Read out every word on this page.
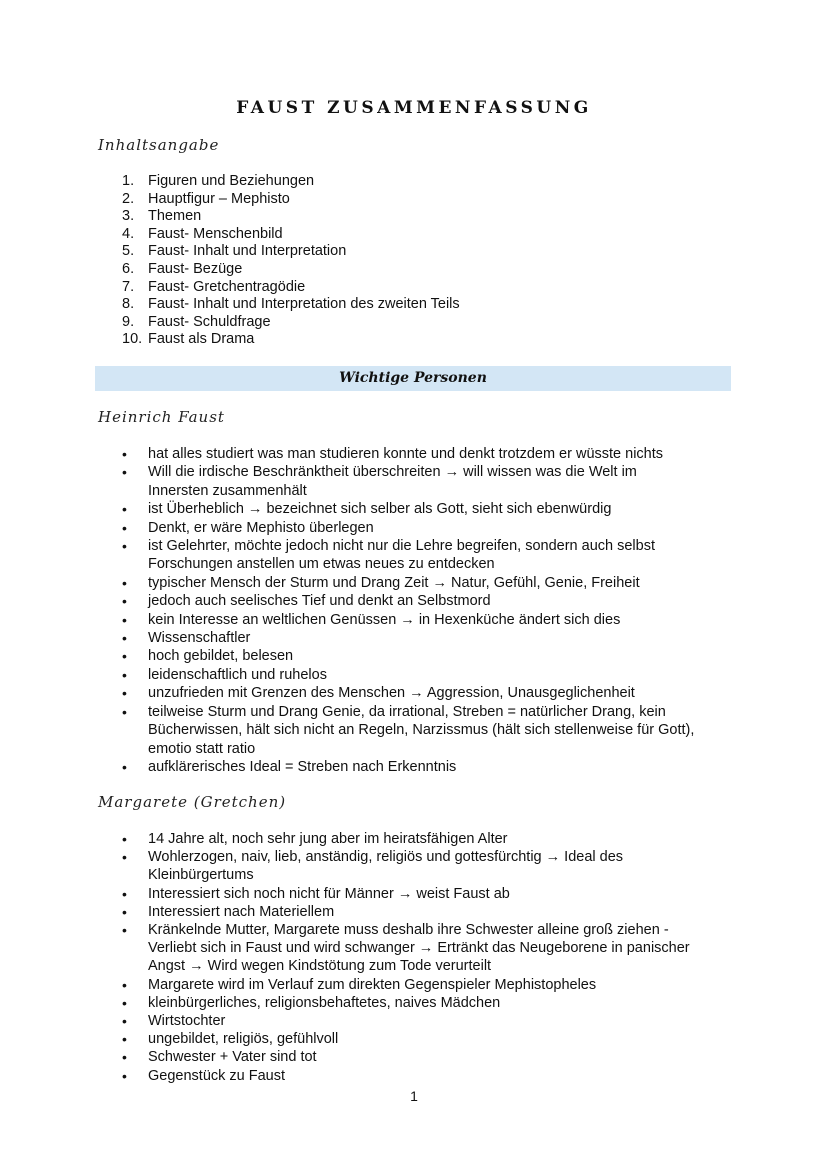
FAUST ZUSAMMENFASSUNG
Inhaltsangabe
1. Figuren und Beziehungen
2. Hauptfigur – Mephisto
3. Themen
4. Faust- Menschenbild
5. Faust- Inhalt und Interpretation
6. Faust- Bezüge
7. Faust- Gretchentragödie
8. Faust- Inhalt und Interpretation des zweiten Teils
9. Faust- Schuldfrage
10. Faust als Drama
Wichtige Personen
Heinrich Faust
•	hat alles studiert was man studieren konnte und denkt trotzdem er wüsste nichts
•	Will die irdische Beschränktheit überschreiten → will wissen was die Welt im
Innersten zusammenhält
•	ist Überheblich → bezeichnet sich selber als Gott, sieht sich ebenwürdig
•	Denkt, er wäre Mephisto überlegen
•	ist Gelehrter, möchte jedoch nicht nur die Lehre begreifen, sondern auch selbst
Forschungen anstellen um etwas neues zu entdecken
•	typischer Mensch der Sturm und Drang Zeit → Natur, Gefühl, Genie, Freiheit
•	jedoch auch seelisches Tief und denkt an Selbstmord
•	kein Interesse an weltlichen Genüssen → in Hexenküche ändert sich dies
•	Wissenschaftler
•	hoch gebildet, belesen
•	leidenschaftlich und ruhelos
•	unzufrieden mit Grenzen des Menschen → Aggression, Unausgeglichenheit
•	teilweise Sturm und Drang Genie, da irrational, Streben = natürlicher Drang, kein
Bücherwissen, hält sich nicht an Regeln, Narzissmus (hält sich stellenweise für Gott),
emotio statt ratio
•	aufklärerisches Ideal = Streben nach Erkenntnis
Margarete (Gretchen)
•	14 Jahre alt, noch sehr jung aber im heiratsfähigen Alter
•	Wohlerzogen, naiv, lieb, anständig, religiös und gottesfürchtig → Ideal des
Kleinbürgertums
•	Interessiert sich noch nicht für Männer → weist Faust ab
•	Interessiert nach Materiellem
•	Kränkelnde Mutter, Margarete muss deshalb ihre Schwester alleine groß ziehen -
Verliebt sich in Faust und wird schwanger → Ertränkt das Neugeborene in panischer
Angst → Wird wegen Kindstötung zum Tode verurteilt
•	Margarete wird im Verlauf zum direkten Gegenspieler Mephistopheles
•	kleinbürgerliches, religionsbehaftetes, naives Mädchen
•	Wirtstochter
•	ungebildet, religiös, gefühlvoll
•	Schwester + Vater sind tot
•	Gegenstück zu Faust
1
